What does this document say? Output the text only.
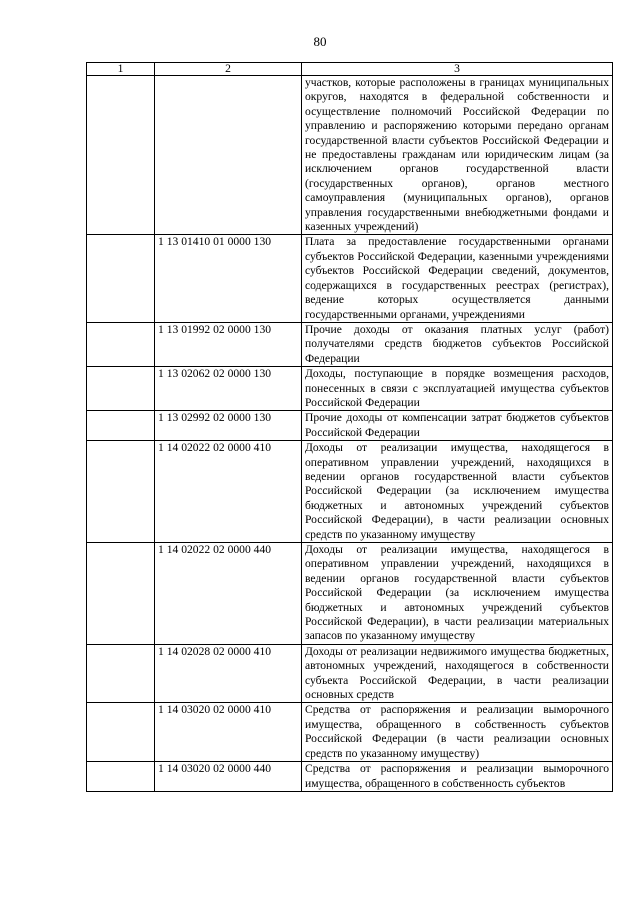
80
1	2	3
		участков, которые расположены в границах муниципальных округов, находятся в федеральной собственности и осуществление полномочий Российской Федерации по управлению и распоряжению которыми передано органам государственной власти субъектов Российской Федерации и не предоставлены гражданам или юридическим лицам (за исключением органов государственной власти (государственных органов), органов местного самоуправления (муниципальных органов), органов управления государственными внебюджетными фондами и казенных учреждений)
	1 13 01410 01 0000 130	Плата за предоставление государственными органами субъектов Российской Федерации, казенными учреждениями субъектов Российской Федерации сведений, документов, содержащихся в государственных реестрах (регистрах), ведение которых осуществляется данными государственными органами, учреждениями
	1 13 01992 02 0000 130	Прочие доходы от оказания платных услуг (работ) получателями средств бюджетов субъектов Российской Федерации
	1 13 02062 02 0000 130	Доходы, поступающие в порядке возмещения расходов, понесенных в связи с эксплуатацией имущества субъектов Российской Федерации
	1 13 02992 02 0000 130	Прочие доходы от компенсации затрат бюджетов субъектов Российской Федерации
	1 14 02022 02 0000 410	Доходы от реализации имущества, находящегося в оперативном управлении учреждений, находящихся в ведении органов государственной власти субъектов Российской Федерации (за исключением имущества бюджетных и автономных учреждений субъектов Российской Федерации), в части реализации основных средств по указанному имуществу
	1 14 02022 02 0000 440	Доходы от реализации имущества, находящегося в оперативном управлении учреждений, находящихся в ведении органов государственной власти субъектов Российской Федерации (за исключением имущества бюджетных и автономных учреждений субъектов Российской Федерации), в части реализации материальных запасов по указанному имуществу
	1 14 02028 02 0000 410	Доходы от реализации недвижимого имущества бюджетных, автономных учреждений, находящегося в собственности субъекта Российской Федерации, в части реализации основных средств
	1 14 03020 02 0000 410	Средства от распоряжения и реализации выморочного имущества, обращенного в собственность субъектов Российской Федерации (в части реализации основных средств по указанному имуществу)
	1 14 03020 02 0000 440	Средства от распоряжения и реализации выморочного имущества, обращенного в собственность субъектов
